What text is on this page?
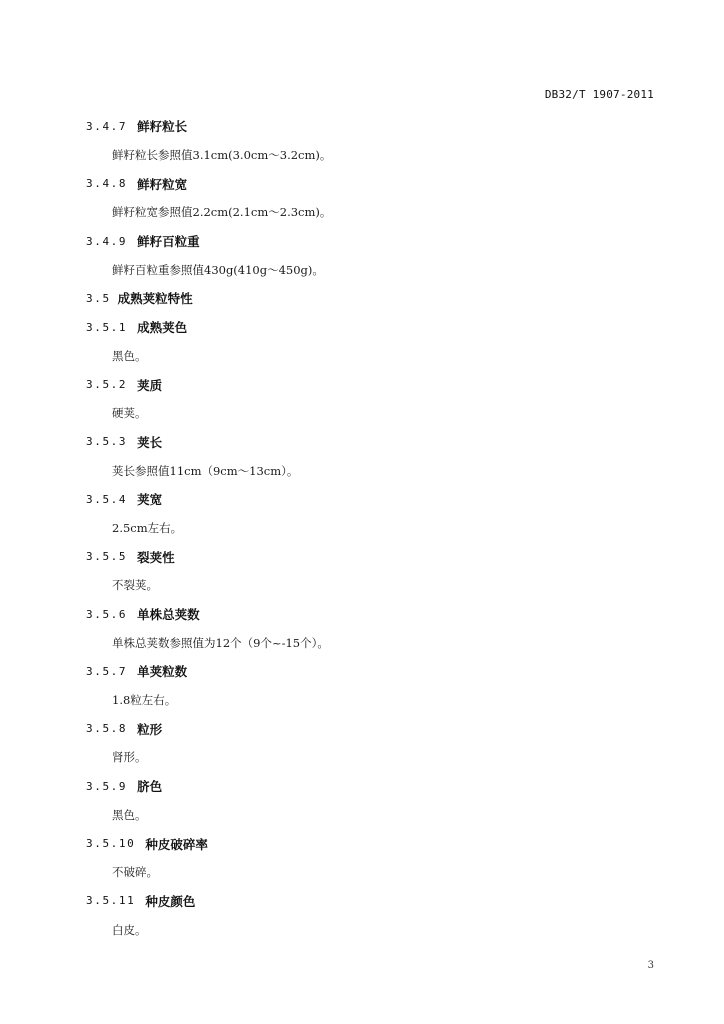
DB32/T 1907-2011
3.4.7 鲜籽粒长
鲜籽粒长参照值3.1cm(3.0cm～3.2cm)。
3.4.8 鲜籽粒宽
鲜籽粒宽参照值2.2cm(2.1cm～2.3cm)。
3.4.9 鲜籽百粒重
鲜籽百粒重参照值430g(410g～450g)。
3.5 成熟荚粒特性
3.5.1 成熟荚色
黑色。
3.5.2 荚质
硬荚。
3.5.3 荚长
荚长参照值11cm（9cm～13cm）。
3.5.4 荚宽
2.5cm左右。
3.5.5 裂荚性
不裂荚。
3.5.6 单株总荚数
单株总荚数参照值为12个（9个~-15个）。
3.5.7 单荚粒数
1.8粒左右。
3.5.8 粒形
肾形。
3.5.9 脐色
黑色。
3.5.10 种皮破碎率
不破碎。
3.5.11 种皮颜色
白皮。
3
